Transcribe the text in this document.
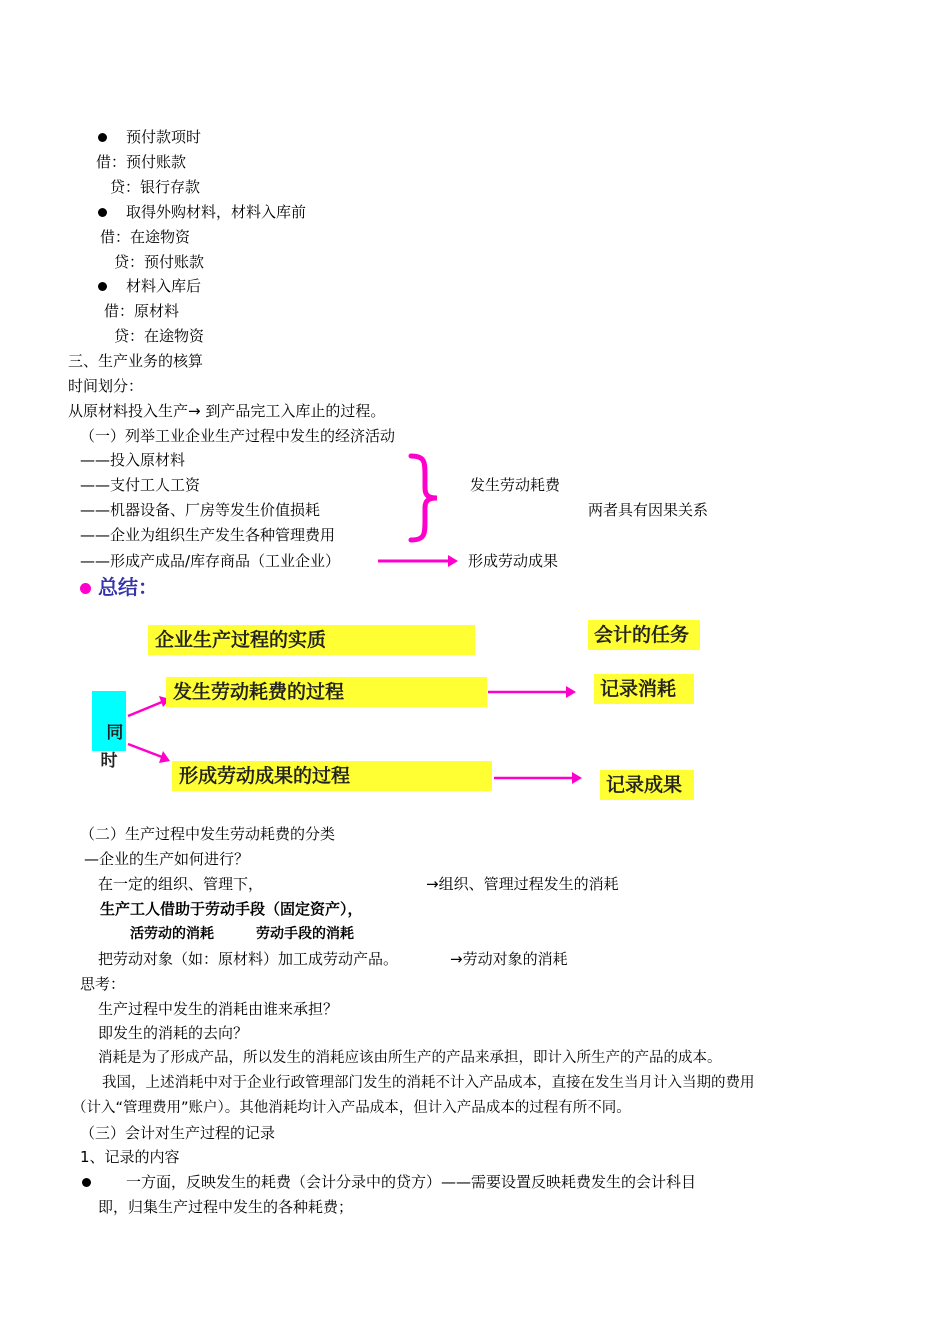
预付款项时
借：预付账款
贷：银行存款
取得外购材料，材料入库前
借：在途物资
贷：预付账款
材料入库后
借：原材料
贷：在途物资
三、生产业务的核算
时间划分：
从原材料投入生产→ 到产品完工入库止的过程。
（一）列举工业企业生产过程中发生的经济活动
——投入原材料
——支付工人工资
——机器设备、厂房等发生价值损耗
——企业为组织生产发生各种管理费用
——形成产成品/库存商品（工业企业）
发生劳动耗费
两者具有因果关系
形成劳动成果
总结：
企业生产过程的实质	会计的任务

同
时

发生劳动耗费的过程
形成劳动成果的过程
记录消耗
记录成果
（二）生产过程中发生劳动耗费的分类
—企业的生产如何进行？
在一定的组织、管理下，	→组织、管理过程发生的消耗
生产工人借助于劳动手段（固定资产），
活劳动的消耗	劳动手段的消耗
把劳动对象（如：原材料）加工成劳动产品。	→劳动对象的消耗
思考：
生产过程中发生的消耗由谁来承担？
即发生的消耗的去向？
消耗是为了形成产品，所以发生的消耗应该由所生产的产品来承担，即计入所生产的产品的成本。
我国，上述消耗中对于企业行政管理部门发生的消耗不计入产品成本，直接在发生当月计入当期的费用
（计入“管理费用”账户）。其他消耗均计入产品成本，但计入产品成本的过程有所不同。
（三）会计对生产过程的记录
1、记录的内容
一方面，反映发生的耗费（会计分录中的贷方）——需要设置反映耗费发生的会计科目
即，归集生产过程中发生的各种耗费；
